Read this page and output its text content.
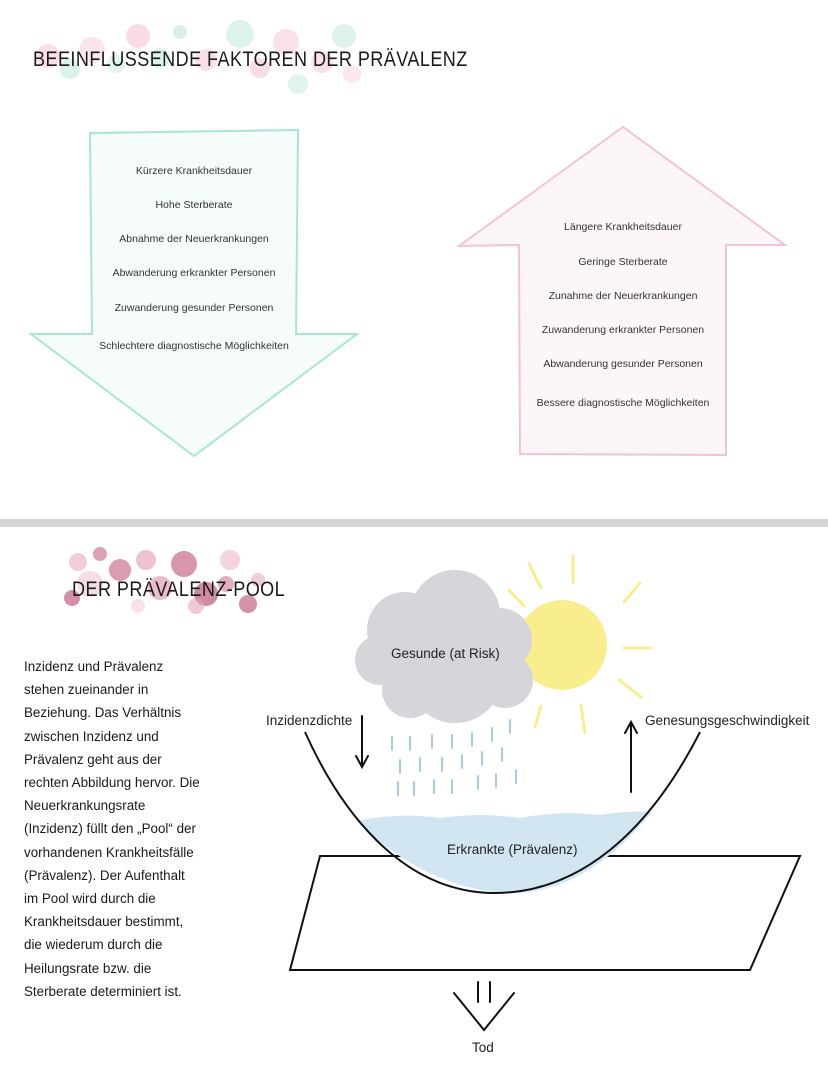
BEEINFLUSSENDE FAKTOREN DER PRÄVALENZ
Kürzere Krankheitsdauer
Hohe Sterberate
Abnahme der Neuerkrankungen
Abwanderung erkrankter Personen
Zuwanderung gesunder Personen
Schlechtere diagnostische Möglichkeiten
Längere Krankheitsdauer
Geringe Sterberate
Zunahme der Neuerkrankungen
Zuwanderung erkrankter Personen
Abwanderung gesunder Personen
Bessere diagnostische Möglichkeiten
DER PRÄVALENZ-POOL
Inzidenz und Prävalenz
stehen zueinander in
Beziehung. Das Verhältnis
zwischen Inzidenz und
Prävalenz geht aus der
rechten Abbildung hervor. Die
Neuerkrankungsrate
(Inzidenz) füllt den „Pool“ der
vorhandenen Krankheitsfälle
(Prävalenz). Der Aufenthalt
im Pool wird durch die
Krankheitsdauer bestimmt,
die wiederum durch die
Heilungsrate bzw. die
Sterberate determiniert ist.
Gesunde (at Risk)
Inzidenzdichte	Genesungsgeschwindigkeit
Erkrankte (Prävalenz)
Tod
